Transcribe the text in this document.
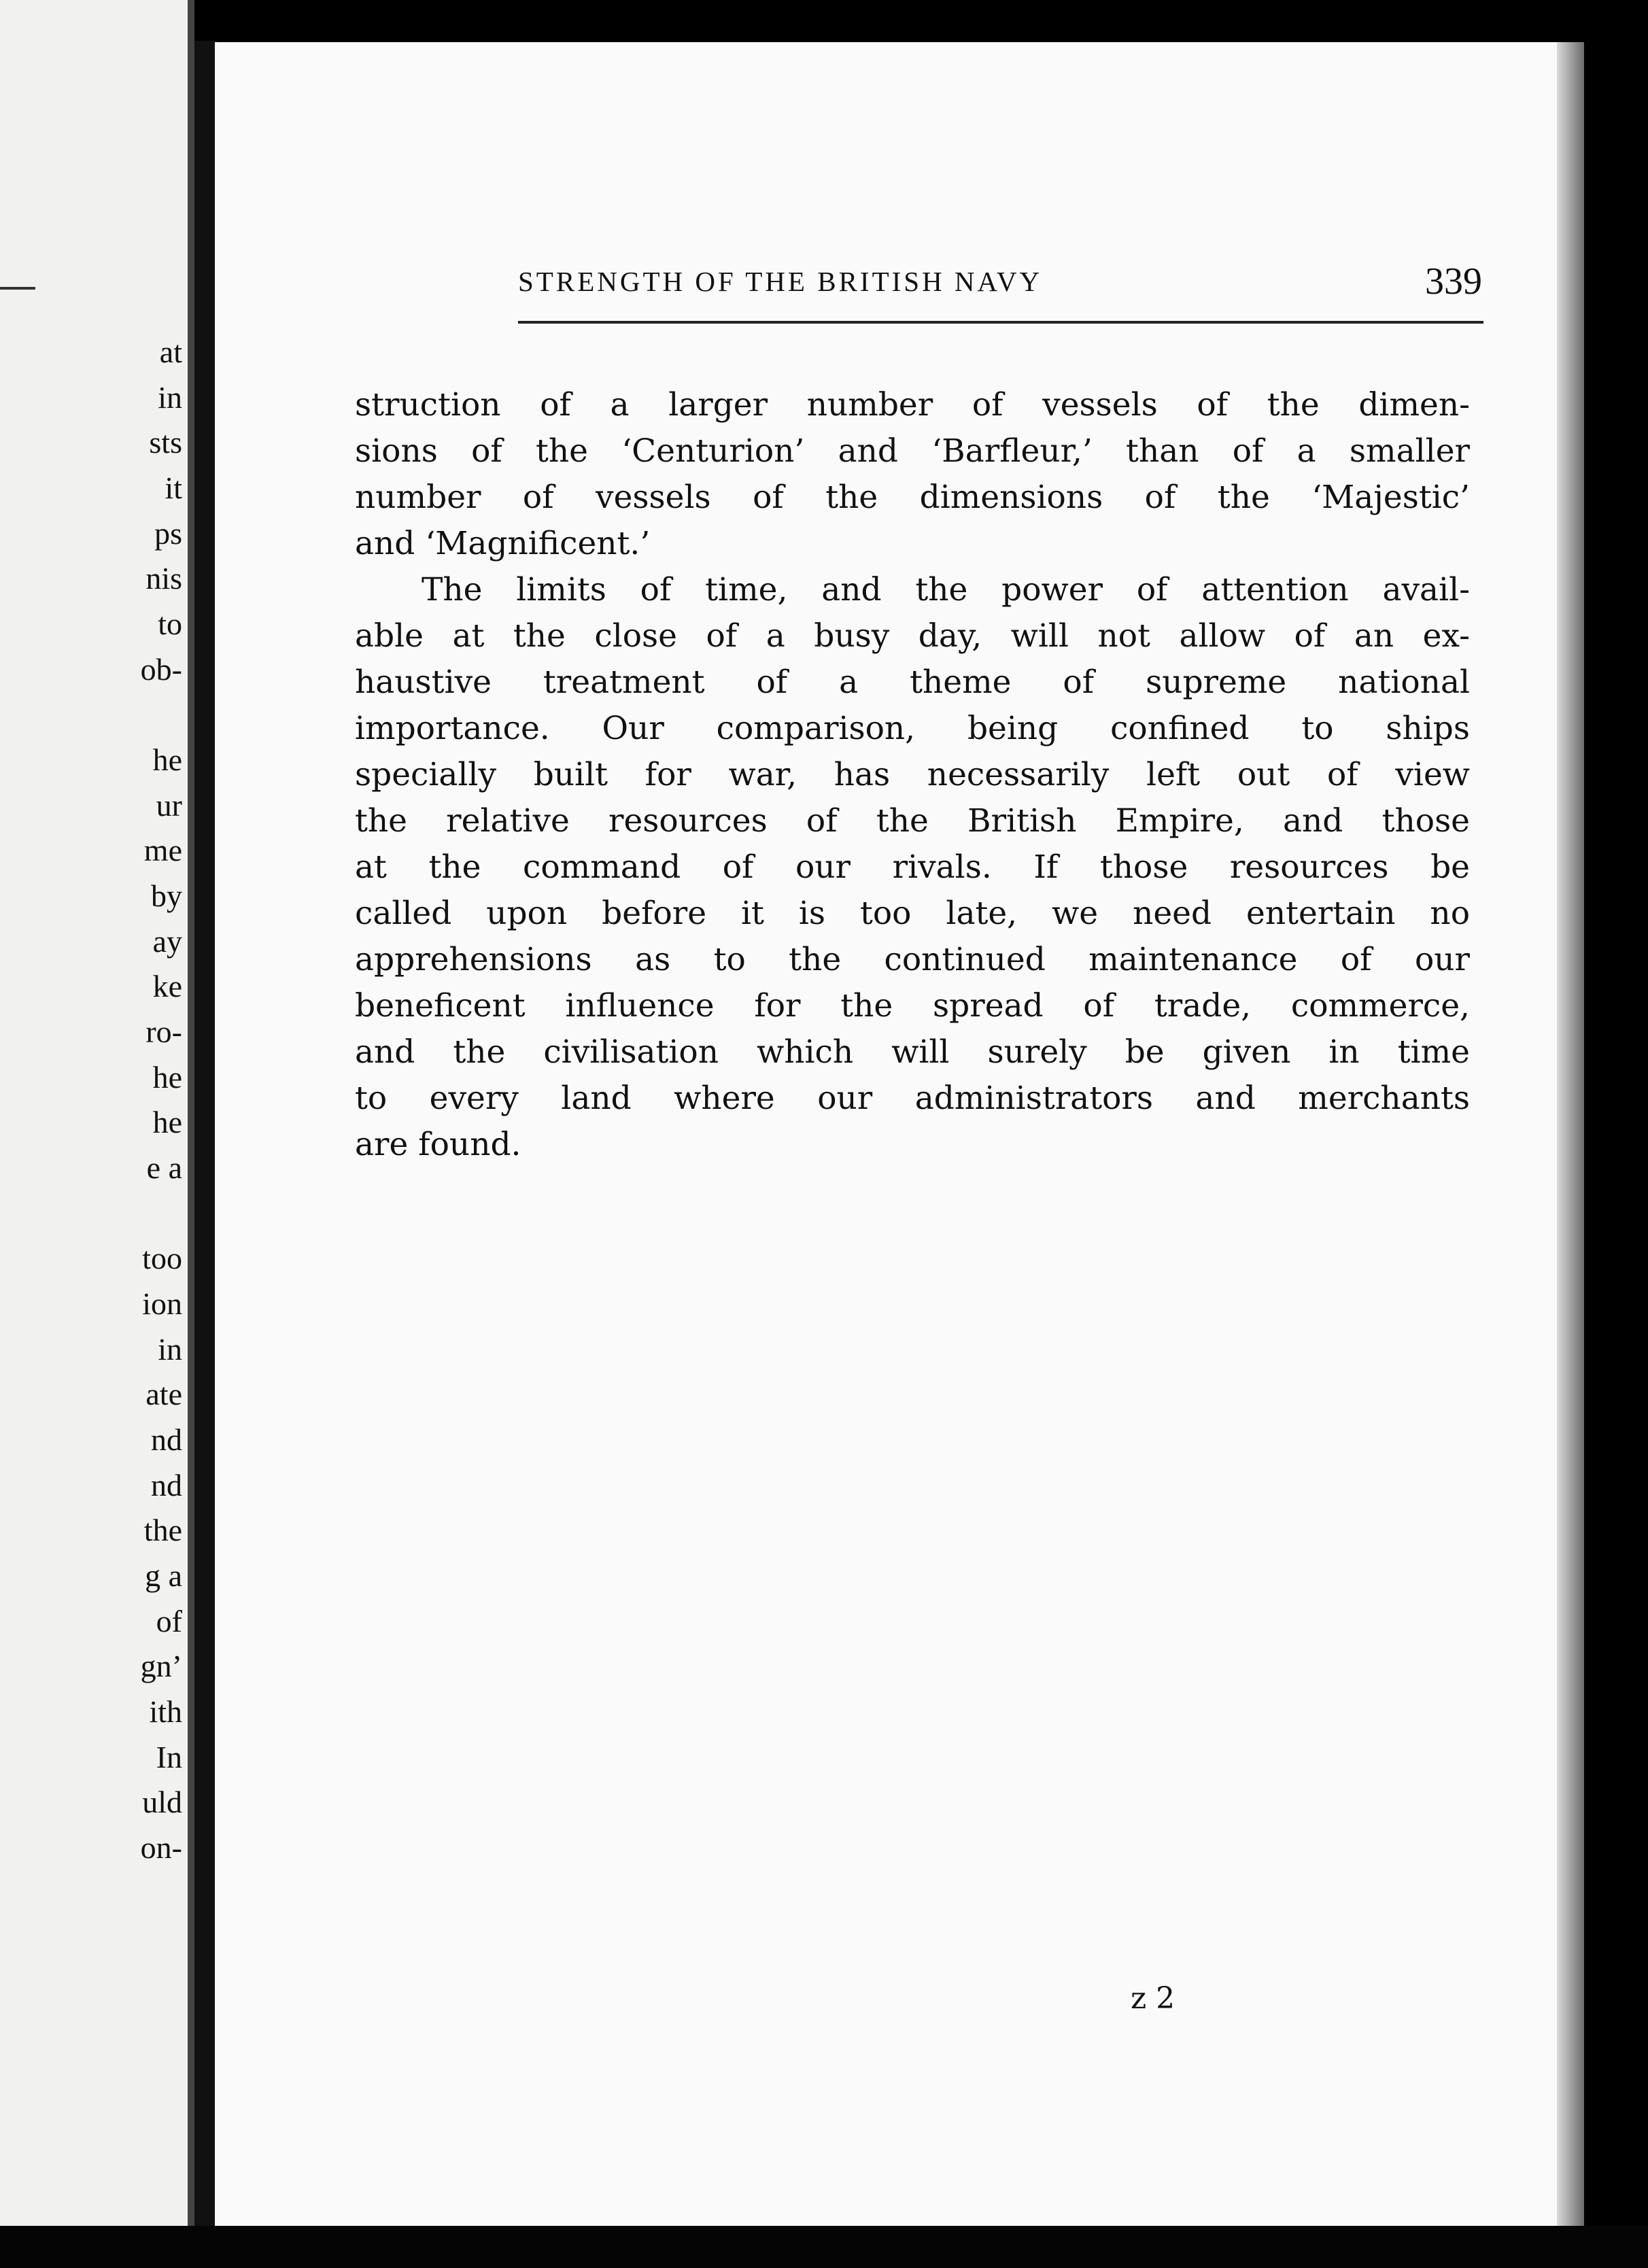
at

in

sts

it

ps

nis

to

ob-

he

ur

me

by

ay

ke

ro-

he

he

e a

too

ion

in

ate

nd

nd

the

g a

of

gn’

ith

In

uld

on-

STRENGTH OF THE BRITISH NAVY	339

struction of a larger number of vessels of the dimen-

sions of the ‘Centurion’ and ‘Barfleur,’ than of a smaller

number of vessels of the dimensions of the ‘Majestic’

and ‘Magnificent.’

The limits of time, and the power of attention avail-

able at the close of a busy day, will not allow of an ex-

haustive treatment of a theme of supreme national

importance. Our comparison, being confined to ships

specially built for war, has necessarily left out of view

the relative resources of the British Empire, and those

at the command of our rivals. If those resources be

called upon before it is too late, we need entertain no

apprehensions as to the continued maintenance of our

beneficent influence for the spread of trade, commerce,

and the civilisation which will surely be given in time

to every land where our administrators and merchants

are found.

z 2
